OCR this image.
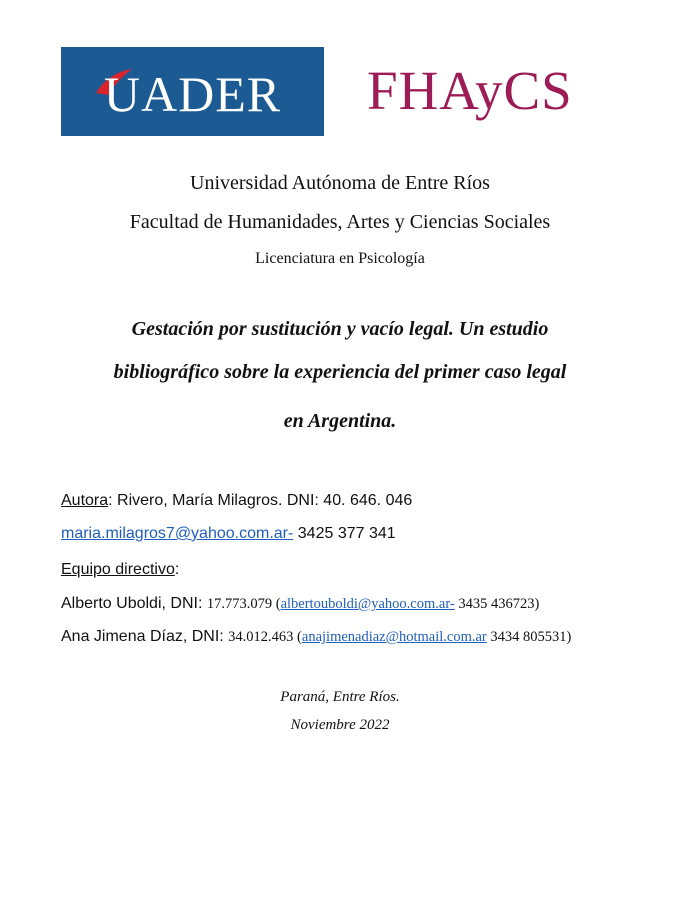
UADER	FHAyCS
Universidad Autónoma de Entre Ríos
Facultad de Humanidades, Artes y Ciencias Sociales
Licenciatura en Psicología
Gestación por sustitución y vacío legal. Un estudio
bibliográfico sobre la experiencia del primer caso legal
en Argentina.
Autora: Rivero, María Milagros. DNI: 40. 646. 046
maria.milagros7@yahoo.com.ar- 3425 377 341
Equipo directivo:
Alberto Uboldi, DNI: 17.773.079 (albertouboldi@yahoo.com.ar- 3435 436723)
Ana Jimena Díaz, DNI: 34.012.463 (anajimenadiaz@hotmail.com.ar 3434 805531)
Paraná, Entre Ríos.
Noviembre 2022
